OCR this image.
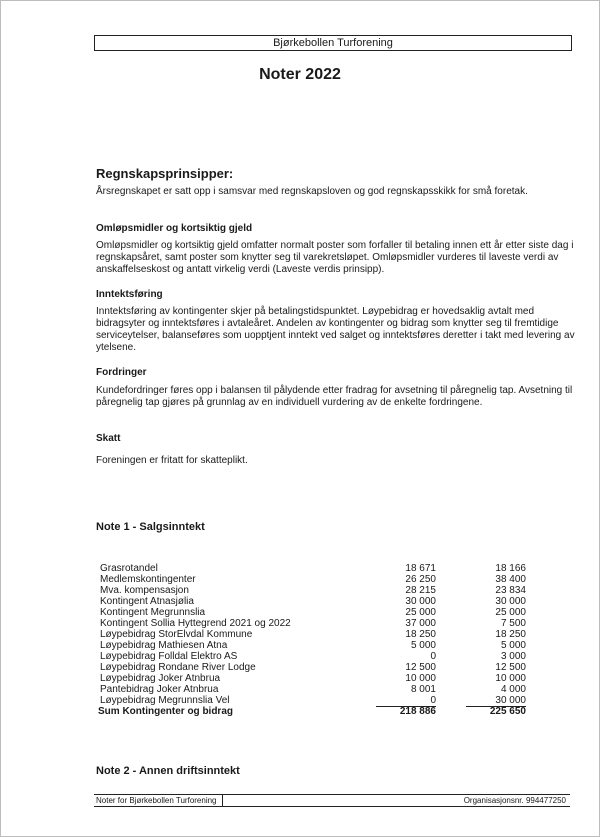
Bjørkebollen Turforening
Noter 2022
Regnskapsprinsipper:
Årsregnskapet er satt opp i samsvar med regnskapsloven og god regnskapsskikk for små foretak.
Omløpsmidler og kortsiktig gjeld
Omløpsmidler og kortsiktig gjeld omfatter normalt poster som forfaller til betaling innen ett år etter siste dag i regnskapsåret, samt poster som knytter seg til varekretsløpet. Omløpsmidler vurderes til laveste verdi av anskaffelseskost og antatt virkelig verdi (Laveste verdis prinsipp).
Inntektsføring
Inntektsføring av kontingenter skjer på betalingstidspunktet. Løypebidrag er hovedsaklig avtalt med bidragsyter og inntektsføres i avtaleåret. Andelen av kontingenter og bidrag som knytter seg til fremtidige serviceytelser, balanseføres som uopptjent inntekt ved salget og inntektsføres deretter i takt med levering av ytelsene.
Fordringer
Kundefordringer føres opp i balansen til pålydende etter fradrag for avsetning til påregnelig tap. Avsetning til påregnelig tap gjøres på grunnlag av en individuell vurdering av de enkelte fordringene.
Skatt
Foreningen er fritatt for skatteplikt.
Note 1 - Salgsinntekt
Grasrotandel	18 671	18 166
Medlemskontingenter	26 250	38 400
Mva. kompensasjon	28 215	23 834
Kontingent Atnasjølia	30 000	30 000
Kontingent Megrunnslia	25 000	25 000
Kontingent Sollia Hyttegrend 2021 og 2022	37 000	7 500
Løypebidrag StorElvdal Kommune	18 250	18 250
Løypebidrag Mathiesen Atna	5 000	5 000
Løypebidrag Folldal Elektro AS	0	3 000
Løypebidrag Rondane River Lodge	12 500	12 500
Løypebidrag Joker Atnbrua	10 000	10 000
Pantebidrag Joker Atnbrua	8 001	4 000
Løypebidrag Megrunnslia Vel	0	30 000
Sum Kontingenter og bidrag	218 886	225 650
Note 2 - Annen driftsinntekt
Noter for Bjørkebollen Turforening	Organisasjonsnr. 994477250
